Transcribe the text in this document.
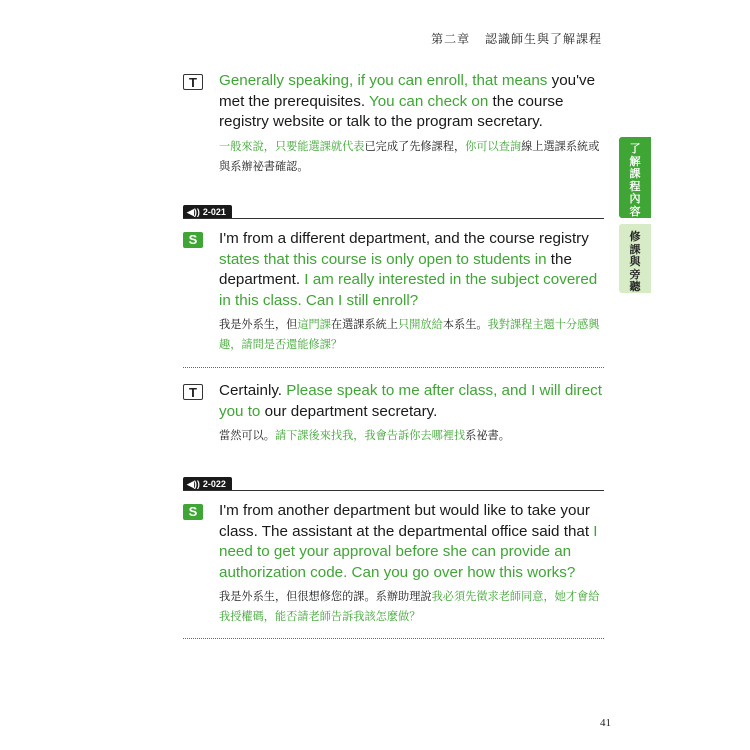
第二章 認識師生與了解課程
T	Generally speaking, if you can enroll, that means you've met the prerequisites. You can check on the course registry website or talk to the program secretary.
一般來說，只要能選課就代表已完成了先修課程，你可以查詢線上選課系統或與系辦祕書確認。
◀)) 2-021
S	I'm from a different department, and the course registry states that this course is only open to students in the department. I am really interested in the subject covered in this class. Can I still enroll?
我是外系生，但這門課在選課系統上只開放給本系生。我對課程主題十分感興趣，請問是否還能修課？
T	Certainly. Please speak to me after class, and I will direct you to our department secretary.
當然可以。請下課後來找我，我會告訴你去哪裡找系祕書。
◀)) 2-022
S	I'm from another department but would like to take your class. The assistant at the departmental office said that I need to get your approval before she can provide an authorization code. Can you go over how this works?
我是外系生，但很想修您的課。系辦助理說我必須先徵求老師同意，她才會給我授權碼，能否請老師告訴我該怎麼做？
了解課程內容
修課與旁聽
41
